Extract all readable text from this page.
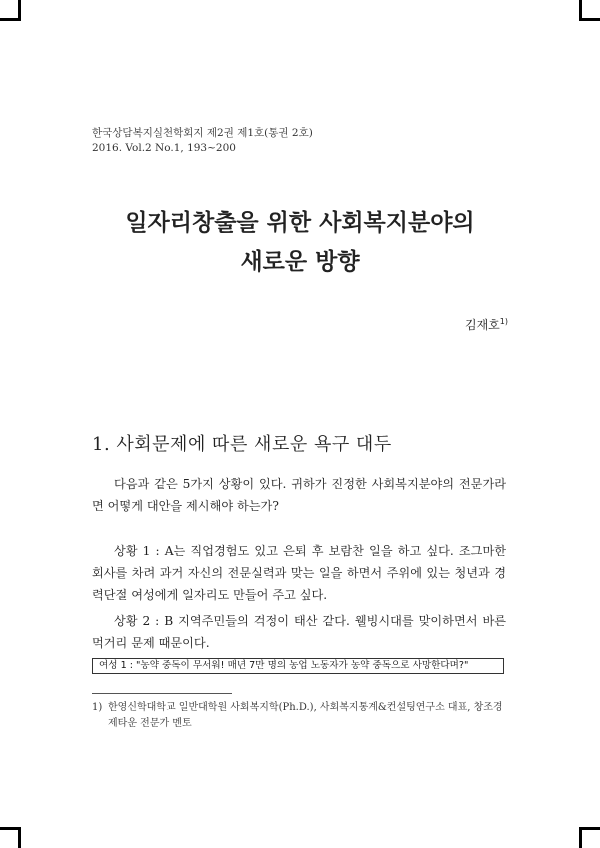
한국상담복지실천학회지 제2권 제1호(통권 2호)
2016. Vol.2 No.1, 193~200
일자리창출을 위한 사회복지분야의
새로운 방향
김재호$^{1)}$
1. 사회문제에 따른 새로운 욕구 대두

다음과 같은 5가지 상황이 있다. 귀하가 진정한 사회복지분야의 전문가라면 어떻게 대안을 제시해야 하는가?

상황 1 : A는 직업경험도 있고 은퇴 후 보람찬 일을 하고 싶다. 조그마한 회사를 차려 과거 자신의 전문실력과 맞는 일을 하면서 주위에 있는 청년과 경력단절 여성에게 일자리도 만들어 주고 싶다.

상황 2 : B 지역주민들의 걱정이 태산 같다. 웰빙시대를 맞이하면서 바른 먹거리 문제 때문이다.

여성 1 : "농약 중독이 무서워! 매년 7만 명의 농업 노동자가 농약 중독으로 사망한다며?"
1) 한영신학대학교 일반대학원 사회복지학(Ph.D.), 사회복지통계&컨설팅연구소 대표, 창조경제타운 전문가 멘토
